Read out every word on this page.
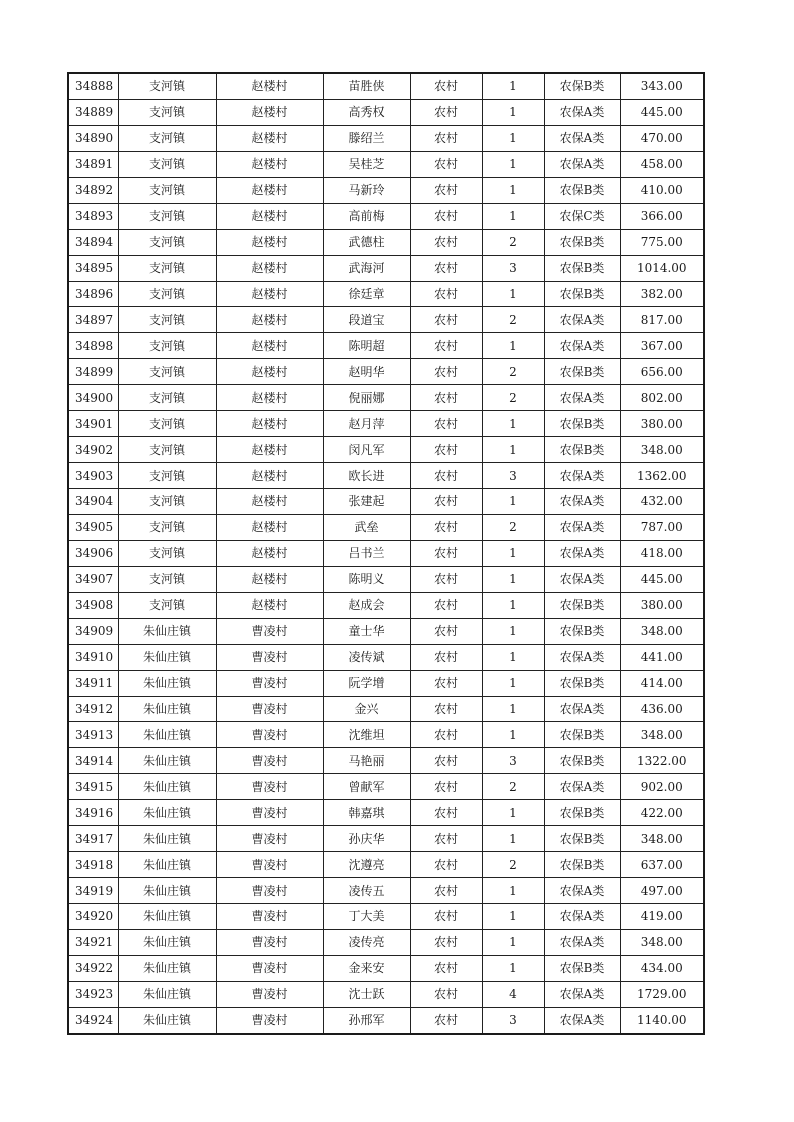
34888	支河镇	赵楼村	苗胜侠	农村	1	农保B类	343.00
34889	支河镇	赵楼村	高秀权	农村	1	农保A类	445.00
34890	支河镇	赵楼村	滕绍兰	农村	1	农保A类	470.00
34891	支河镇	赵楼村	吴桂芝	农村	1	农保A类	458.00
34892	支河镇	赵楼村	马新玲	农村	1	农保B类	410.00
34893	支河镇	赵楼村	高前梅	农村	1	农保C类	366.00
34894	支河镇	赵楼村	武德柱	农村	2	农保B类	775.00
34895	支河镇	赵楼村	武海河	农村	3	农保B类	1014.00
34896	支河镇	赵楼村	徐廷章	农村	1	农保B类	382.00
34897	支河镇	赵楼村	段道宝	农村	2	农保A类	817.00
34898	支河镇	赵楼村	陈明超	农村	1	农保A类	367.00
34899	支河镇	赵楼村	赵明华	农村	2	农保B类	656.00
34900	支河镇	赵楼村	倪丽娜	农村	2	农保A类	802.00
34901	支河镇	赵楼村	赵月萍	农村	1	农保B类	380.00
34902	支河镇	赵楼村	闵凡军	农村	1	农保B类	348.00
34903	支河镇	赵楼村	欧长进	农村	3	农保A类	1362.00
34904	支河镇	赵楼村	张建起	农村	1	农保A类	432.00
34905	支河镇	赵楼村	武垒	农村	2	农保A类	787.00
34906	支河镇	赵楼村	吕书兰	农村	1	农保A类	418.00
34907	支河镇	赵楼村	陈明义	农村	1	农保A类	445.00
34908	支河镇	赵楼村	赵成会	农村	1	农保B类	380.00
34909	朱仙庄镇	曹凌村	童士华	农村	1	农保B类	348.00
34910	朱仙庄镇	曹凌村	凌传斌	农村	1	农保A类	441.00
34911	朱仙庄镇	曹凌村	阮学增	农村	1	农保B类	414.00
34912	朱仙庄镇	曹凌村	金兴	农村	1	农保A类	436.00
34913	朱仙庄镇	曹凌村	沈维坦	农村	1	农保B类	348.00
34914	朱仙庄镇	曹凌村	马艳丽	农村	3	农保B类	1322.00
34915	朱仙庄镇	曹凌村	曾献军	农村	2	农保A类	902.00
34916	朱仙庄镇	曹凌村	韩嘉琪	农村	1	农保B类	422.00
34917	朱仙庄镇	曹凌村	孙庆华	农村	1	农保B类	348.00
34918	朱仙庄镇	曹凌村	沈遵亮	农村	2	农保B类	637.00
34919	朱仙庄镇	曹凌村	凌传五	农村	1	农保A类	497.00
34920	朱仙庄镇	曹凌村	丁大美	农村	1	农保A类	419.00
34921	朱仙庄镇	曹凌村	凌传亮	农村	1	农保A类	348.00
34922	朱仙庄镇	曹凌村	金来安	农村	1	农保B类	434.00
34923	朱仙庄镇	曹凌村	沈士跃	农村	4	农保A类	1729.00
34924	朱仙庄镇	曹凌村	孙邢军	农村	3	农保A类	1140.00
